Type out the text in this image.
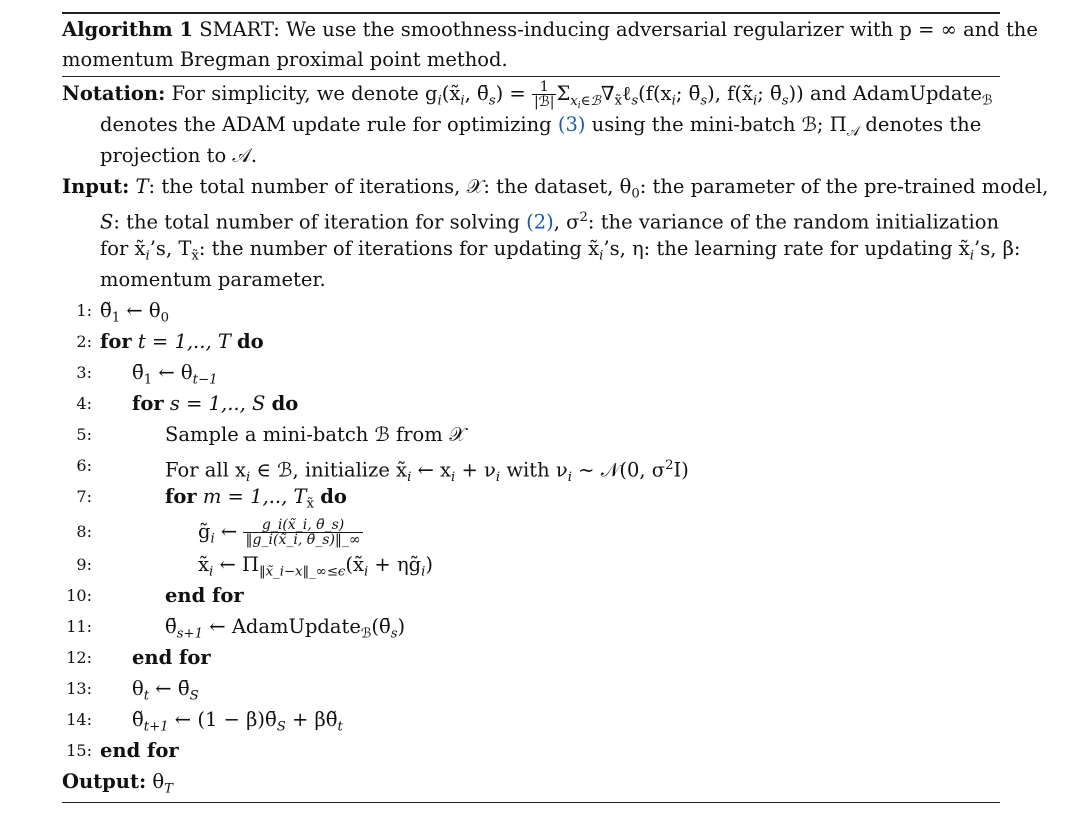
Algorithm 1 SMART: We use the smoothness-inducing adversarial regularizer with p = ∞ and the
momentum Bregman proximal point method.
Notation: For simplicity, we denote $g_i(x̃_i$, $\thetā_s) = \frac{1}{\text{|ℬ|}}$ $\Sigma_{x_i\in ℬ}\nabla_{x̃}\ell_s(f(x_i$; $\thetā_s$), $f(x̃_i$; $\thetā_s$)) and AdamUpdate$_ℬ$
denotes the ADAM update rule for optimizing (3) using the mini-batch ℬ; $\Pi_𝒜$ denotes the
projection to 𝒜.
Input: T: the total number of iterations, 𝒳: the dataset, $\theta_0$: the parameter of the pre-trained model,
S: the total number of iteration for solving (2), $\sigma^2$: the variance of the random initialization
for $x̃_i’s$, $T_{x̃}$: the number of iterations for updating $x̃_i’s$, η: the learning rate for updating $x̃_i’s$, β:
momentum parameter.
1: $\thetã_1$ ← $\theta_0$
2: for t = 1,.., T do
3: $\thetā_1$ ← $\theta_{t-1}$
4: for s = 1,.., S do
5:	Sample a mini-batch ℬ from 𝒳
6:	For all $x_i$ ∈ ℬ, initialize $x̃_i$ ← $x_i + \nu_i$ with $\nu_i$ ~ 𝒩(0, $\sigma^2I$)
7:	for m = 1,.., $T_{x̃}$ do
8:	$g̃_i$ ← $\frac{g\_i(x̃\_i, \thetā\_s)}{‖g\_i(x̃\_i, \thetā\_s)‖\_\infty}$
9:	$x̃_i$ ← $\Pi_{‖x̃\_i-x‖\_\infty\le\epsilon}(x̃_i$ + $\eta g̃_i$)
10:	end for
11:	$\thetā_{s+1}$ ← $AdamUpdate_ℬ(\thetā_s)$
12: end for
13: $\theta_t$ ← $\thetā_S$
14: $\thetã_{t+1}$ ← $(1 - \beta)\thetā_S$ + $\beta\thetã_t$
15: end for
Output: $\theta_T$
